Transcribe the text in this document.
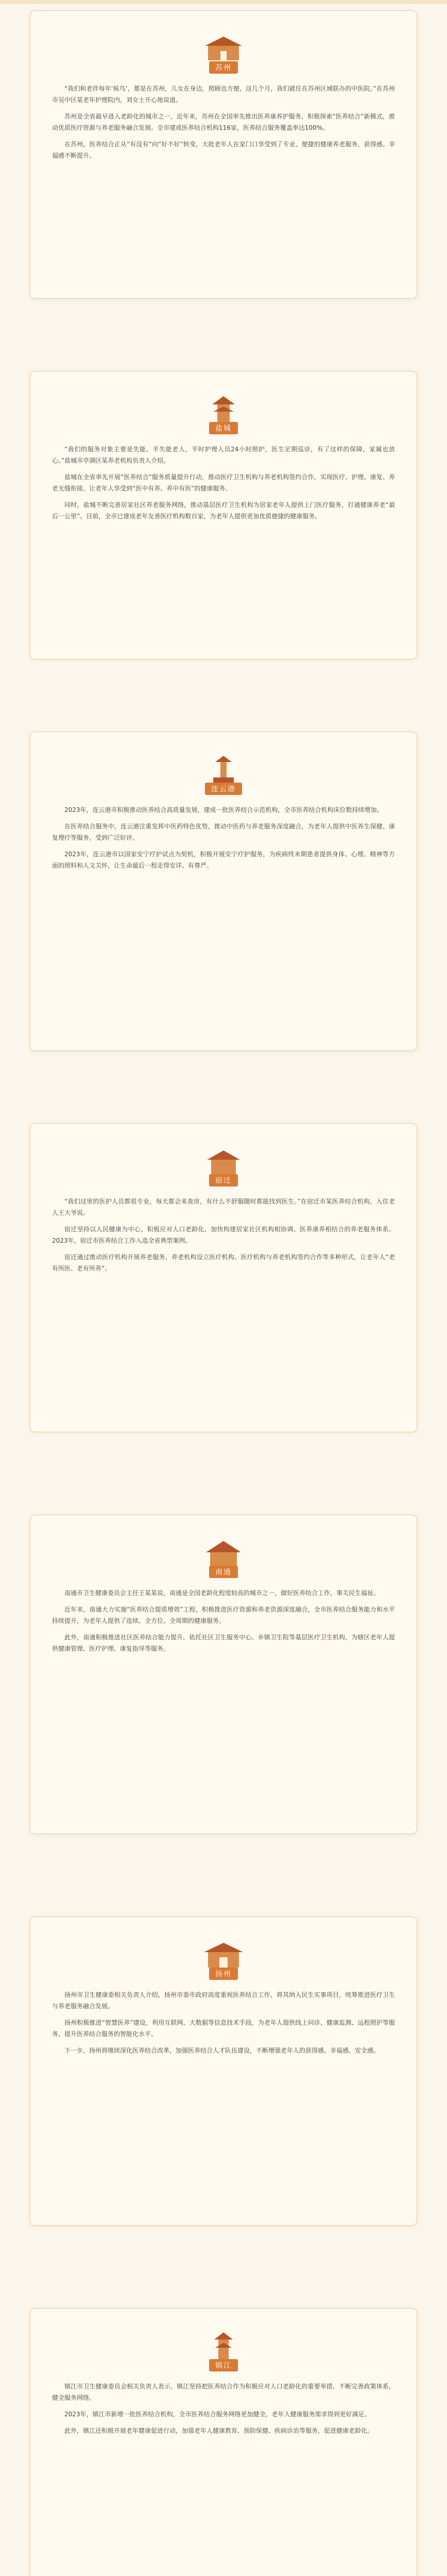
苏州

“我们和老伴每年‘候鸟’，都是在苏州，儿女在身边，照顾也方便，这几个月，我们就住在苏州区域联办的中医院。”在苏州市吴中区某老年护理院内，刘女士开心地说道。

苏州是全省最早进入老龄化的城市之一，近年来，苏州在全国率先推出医养康养护服务，积极探索“医养结合”新模式，推动优质医疗资源与养老服务融合发展。全市建成医养结合机构116家，医养结合服务覆盖率达100%。

在苏州，医养结合正从“有没有”向“好不好”转变，大批老年人在家门口享受到了专业、便捷的健康养老服务，获得感、幸福感不断提升。

盐城

“我们的服务对象主要是失能、半失能老人，平时护理人员24小时照护，医生定期巡诊，有了这样的保障，家属也放心。”盐城市亭湖区某养老机构负责人介绍。

盐城在全省率先开展“医养结合”服务质量提升行动，推动医疗卫生机构与养老机构签约合作，实现医疗、护理、康复、养老无缝衔接，让老年人享受到“医中有养、养中有医”的健康服务。

同时，盐城不断完善居家社区养老服务网络，推动基层医疗卫生机构为居家老年人提供上门医疗服务，打通健康养老“最后一公里”。目前，全市已建成老年友善医疗机构数百家，为老年人提供更加优质便捷的健康服务。

连云港

2023年，连云港市积极推动医养结合高质量发展，建成一批医养结合示范机构，全市医养结合机构床位数持续增加。

在医养结合服务中，连云港注重发挥中医药特色优势，推动中医药与养老服务深度融合，为老年人提供中医养生保健、康复理疗等服务，受到广泛好评。

2023年，连云港市以国家安宁疗护试点为契机，积极开展安宁疗护服务，为疾病终末期患者提供身体、心理、精神等方面的照料和人文关怀，让生命最后一程走得安详、有尊严。

宿迁

“我们这里的医护人员都很专业，每天都会来查房，有什么不舒服随时都能找到医生。”在宿迁市某医养结合机构，入住老人王大爷说。

宿迁坚持以人民健康为中心，积极应对人口老龄化，加快构建居家社区机构相协调、医养康养相结合的养老服务体系。2023年，宿迁市医养结合工作入选全省典型案例。

宿迁通过推动医疗机构开展养老服务、养老机构设立医疗机构、医疗机构与养老机构签约合作等多种形式，让老年人“老有所医、老有所养”。

南通

南通市卫生健康委员会主任王某某说，南通是全国老龄化程度较高的城市之一，做好医养结合工作，事关民生福祉。

近年来，南通大力实施“医养结合提质增效”工程，积极推进医疗资源和养老资源深度融合，全市医养结合服务能力和水平持续提升，为老年人提供了连续、全方位、全周期的健康服务。

此外，南通积极推进社区医养结合能力提升，依托社区卫生服务中心、乡镇卫生院等基层医疗卫生机构，为辖区老年人提供健康管理、医疗护理、康复指导等服务。

扬州

扬州市卫生健康委相关负责人介绍，扬州市委市政府高度重视医养结合工作，将其纳入民生实事项目，统筹推进医疗卫生与养老服务融合发展。

扬州积极推进“智慧医养”建设，利用互联网、大数据等信息技术手段，为老年人提供线上问诊、健康监测、远程照护等服务，提升医养结合服务的智能化水平。

下一步，扬州将继续深化医养结合改革，加强医养结合人才队伍建设，不断增强老年人的获得感、幸福感、安全感。

镇江

镇江市卫生健康委员会相关负责人表示，镇江坚持把医养结合作为积极应对人口老龄化的重要举措，不断完善政策体系，健全服务网络。

2023年，镇江市新增一批医养结合机构，全市医养结合服务网络更加健全，老年人健康服务需求得到更好满足。

此外，镇江还积极开展老年健康促进行动，加强老年人健康教育、预防保健、疾病诊治等服务，促进健康老龄化。
